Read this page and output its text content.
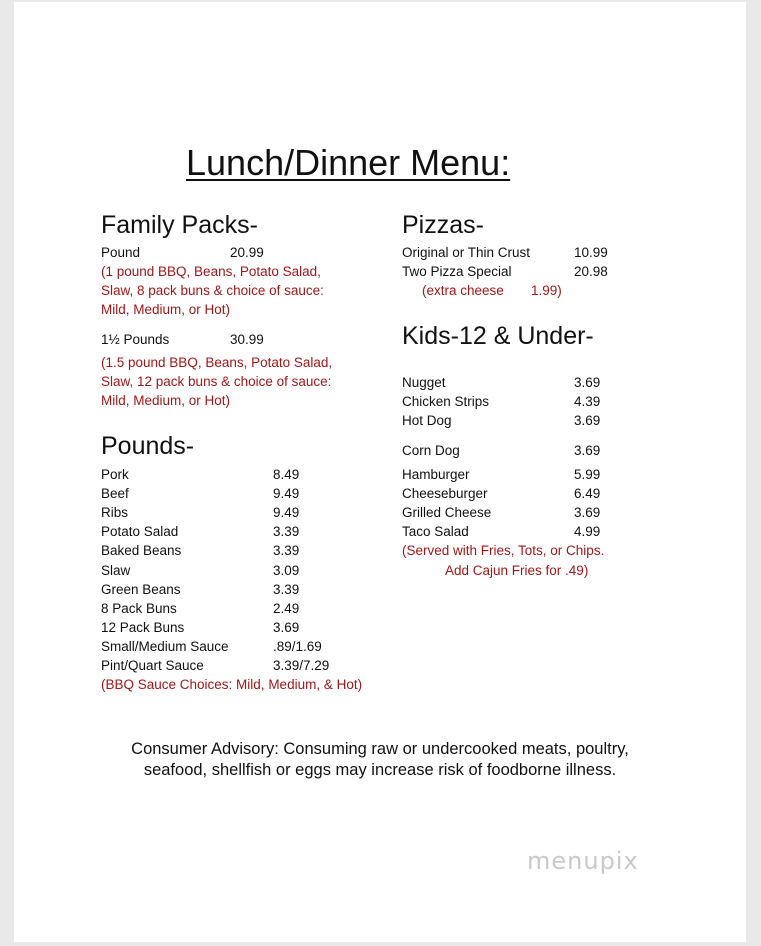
Lunch/Dinner Menu:
Family Packs-
Pound	20.99
(1 pound BBQ, Beans, Potato Salad,
Slaw, 8 pack buns & choice of sauce:
Mild, Medium, or Hot)
1½ Pounds	30.99
(1.5 pound BBQ, Beans, Potato Salad,
Slaw, 12 pack buns & choice of sauce:
Mild, Medium, or Hot)
Pounds-
Pork	8.49
Beef	9.49
Ribs	9.49
Potato Salad	3.39
Baked Beans	3.39
Slaw	3.09
Green Beans	3.39
8 Pack Buns	2.49
12 Pack Buns	3.69
Small/Medium Sauce	.89/1.69
Pint/Quart Sauce	3.39/7.29
(BBQ Sauce Choices: Mild, Medium, & Hot)
Pizzas-
Original or Thin Crust	10.99
Two Pizza Special	20.98
(extra cheese 1.99)
Kids-12 & Under-
Nugget	3.69
Chicken Strips	4.39
Hot Dog	3.69
Corn Dog	3.69
Hamburger	5.99
Cheeseburger	6.49
Grilled Cheese	3.69
Taco Salad	4.99
(Served with Fries, Tots, or Chips.
Add Cajun Fries for .49)
Consumer Advisory: Consuming raw or undercooked meats, poultry, seafood, shellfish or eggs may increase risk of foodborne illness.
menupix
